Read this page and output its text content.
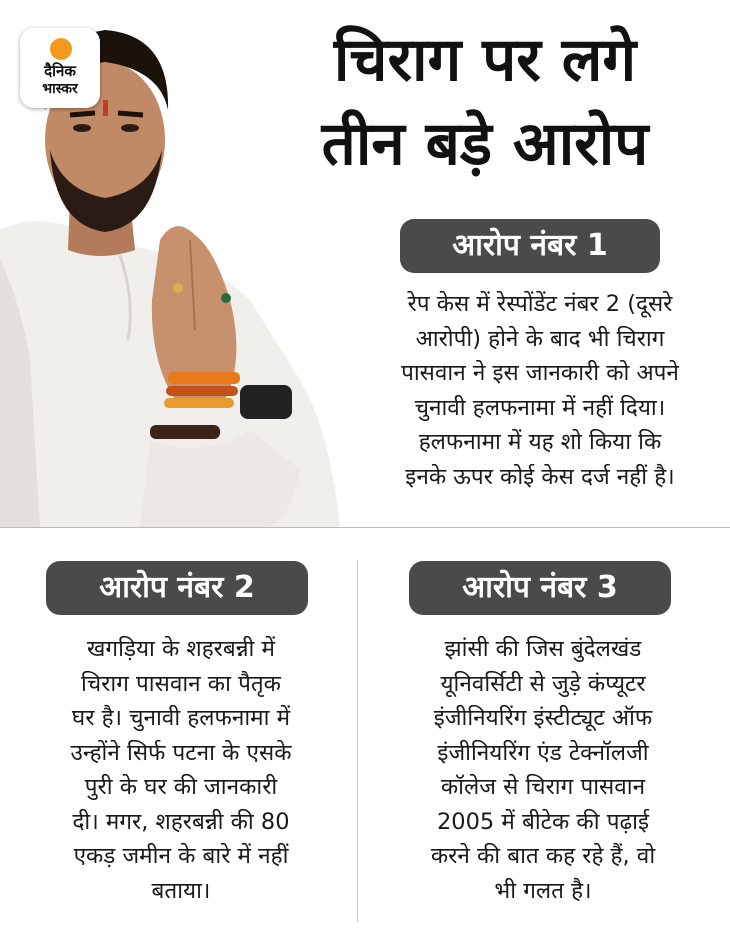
दैनिक
भास्कर	चिराग पर लगे
तीन बड़े आरोप
आरोप नंबर 1
रेप केस में रेस्पोंडेंट नंबर 2 (दूसरे
आरोपी) होने के बाद भी चिराग
पासवान ने इस जानकारी को अपने
चुनावी हलफनामा में नहीं दिया।
हलफनामा में यह शो किया कि
इनके ऊपर कोई केस दर्ज नहीं है।
आरोप नंबर 2
खगड़िया के शहरबन्नी में
चिराग पासवान का पैतृक
घर है। चुनावी हलफनामा में
उन्होंने सिर्फ पटना के एसके
पुरी के घर की जानकारी
दी। मगर, शहरबन्नी की 80
एकड़ जमीन के बारे में नहीं
बताया।
आरोप नंबर 3
झांसी की जिस बुंदेलखंड
यूनिवर्सिटी से जुड़े कंप्यूटर
इंजीनियरिंग इंस्टीट्यूट ऑफ
इंजीनियरिंग एंड टेक्नॉलजी
कॉलेज से चिराग पासवान
2005 में बीटेक की पढ़ाई
करने की बात कह रहे हैं, वो
भी गलत है।
